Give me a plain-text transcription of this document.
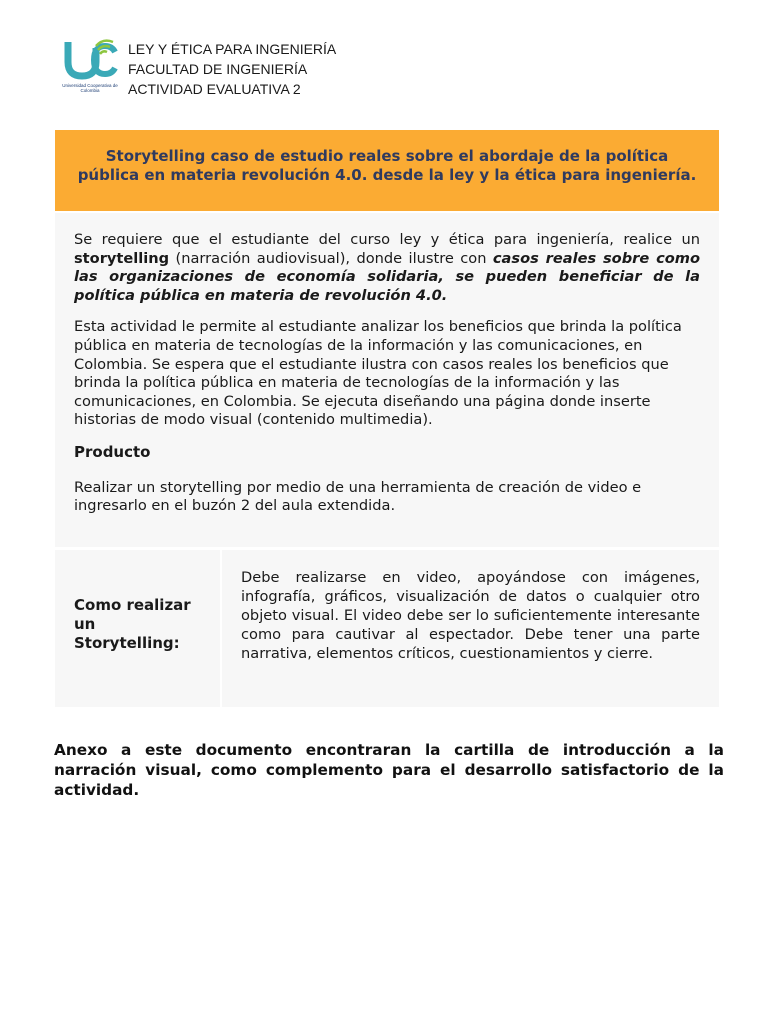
Universidad Cooperativa de Colombia
LEY Y ÉTICA PARA INGENIERÍA
FACULTAD DE INGENIERÍA
ACTIVIDAD EVALUATIVA 2
Storytelling caso de estudio reales sobre el abordaje de la política pública en materia revolución 4.0. desde la ley y la ética para ingeniería.

Se requiere que el estudiante del curso ley y ética para ingeniería, realice un storytelling (narración audiovisual), donde ilustre con casos reales sobre como las organizaciones de economía solidaria, se pueden beneficiar de la política pública en materia de revolución 4.0.

Esta actividad le permite al estudiante analizar los beneficios que brinda la política pública en materia de tecnologías de la información y las comunicaciones, en Colombia. Se espera que el estudiante ilustra con casos reales los beneficios que brinda la política pública en materia de tecnologías de la información y las comunicaciones, en Colombia. Se ejecuta diseñando una página donde inserte historias de modo visual (contenido multimedia).

Producto

Realizar un storytelling por medio de una herramienta de creación de video e ingresarlo en el buzón 2 del aula extendida.

Como realizar
un
Storytelling:
Debe realizarse en video, apoyándose con imágenes, infografía, gráficos, visualización de datos o cualquier otro objeto visual. El video debe ser lo suficientemente interesante como para cautivar al espectador. Debe tener una parte narrativa, elementos críticos, cuestionamientos y cierre.
Anexo a este documento encontraran la cartilla de introducción a la narración visual, como complemento para el desarrollo satisfactorio de la actividad.
